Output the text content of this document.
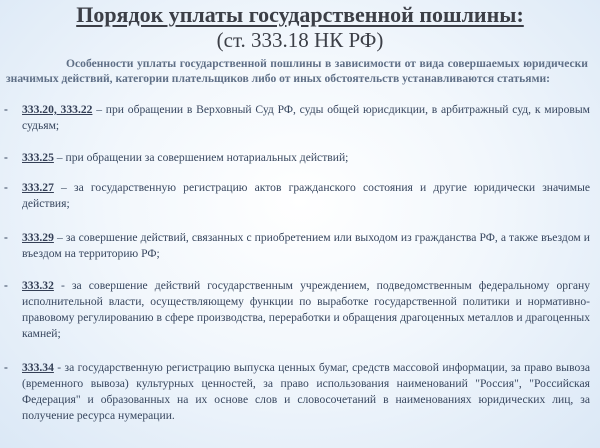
Порядок уплаты государственной пошлины:
(ст. 333.18 НК РФ)
Особенности уплаты государственной пошлины в зависимости от вида совершаемых юридически значимых действий, категории плательщиков либо от иных обстоятельств устанавливаются статьями:
-	333.20, 333.22 – при обращении в Верховный Суд РФ, суды общей юрисдикции, в арбитражный суд, к мировым судьям;
-	333.25 – при обращении за совершением нотариальных действий;
-	333.27 – за государственную регистрацию актов гражданского состояния и другие юридически значимые действия;
-	333.29 – за совершение действий, связанных с приобретением или выходом из гражданства РФ, а также въездом и въездом на территорию РФ;
-	333.32 - за совершение действий государственным учреждением, подведомственным федеральному органу исполнительной власти, осуществляющему функции по выработке государственной политики и нормативно-правовому регулированию в сфере производства, переработки и обращения драгоценных металлов и драгоценных камней;
-	333.34 - за государственную регистрацию выпуска ценных бумаг, средств массовой информации, за право вывоза (временного вывоза) культурных ценностей, за право использования наименований "Россия", "Российская Федерация" и образованных на их основе слов и словосочетаний в наименованиях юридических лиц, за получение ресурса нумерации.
